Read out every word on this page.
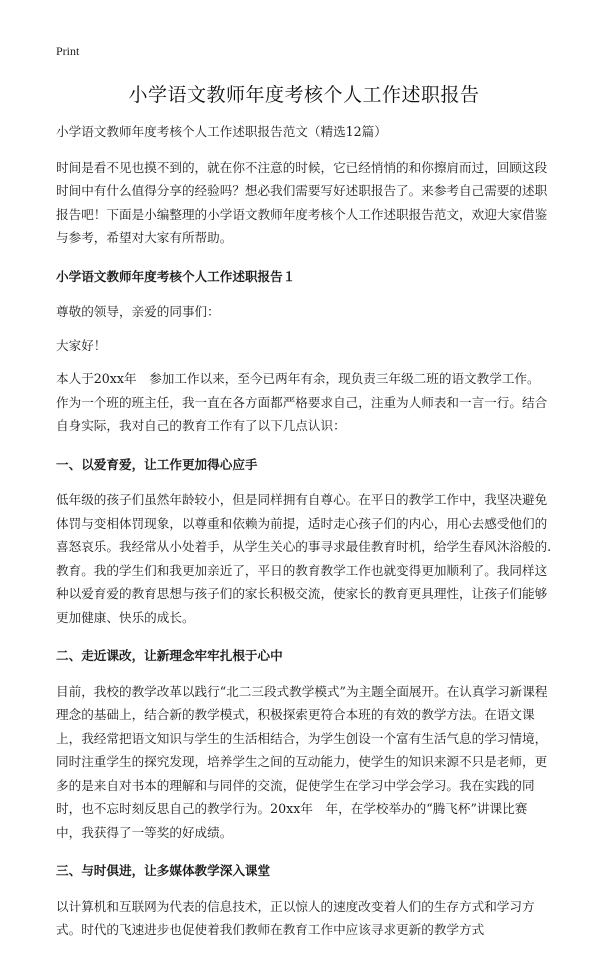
Print
小学语文教师年度考核个人工作述职报告

小学语文教师年度考核个人工作述职报告范文（精选12篇）

时间是看不见也摸不到的，就在你不注意的时候，它已经悄悄的和你擦肩而过，回顾这段时间中有什么值得分享的经验吗？想必我们需要写好述职报告了。来参考自己需要的述职报告吧！下面是小编整理的小学语文教师年度考核个人工作述职报告范文，欢迎大家借鉴与参考，希望对大家有所帮助。

小学语文教师年度考核个人工作述职报告１

尊敬的领导，亲爱的同事们：

大家好！

本人于20xx年　参加工作以来，至今已两年有余，现负责三年级二班的语文教学工作。作为一个班的班主任，我一直在各方面都严格要求自己，注重为人师表和一言一行。结合自身实际，我对自己的教育工作有了以下几点认识：

一、以爱育爱，让工作更加得心应手

低年级的孩子们虽然年龄较小，但是同样拥有自尊心。在平日的教学工作中，我坚决避免体罚与变相体罚现象，以尊重和依赖为前提，适时走心孩子们的内心，用心去感受他们的喜怒哀乐。我经常从小处着手，从学生关心的事寻求最佳教育时机，给学生春风沐浴般的.教育。我的学生们和我更加亲近了，平日的教育教学工作也就变得更加顺利了。我同样这种以爱育爱的教育思想与孩子们的家长积极交流，使家长的教育更具理性，让孩子们能够更加健康、快乐的成长。

二、走近课改，让新理念牢牢扎根于心中

目前，我校的教学改革以践行“北二三段式教学模式”为主题全面展开。在认真学习新课程理念的基础上，结合新的教学模式，积极探索更符合本班的有效的教学方法。在语文课上，我经常把语文知识与学生的生活相结合，为学生创设一个富有生活气息的学习情境，同时注重学生的探究发现，培养学生之间的互动能力，使学生的知识来源不只是老师，更多的是来自对书本的理解和与同伴的交流，促使学生在学习中学会学习。我在实践的同时，也不忘时刻反思自己的教学行为。20xx年　年，在学校举办的“腾飞杯”讲课比赛中，我获得了一等奖的好成绩。

三、与时俱进，让多媒体教学深入课堂

以计算机和互联网为代表的信息技术，正以惊人的速度改变着人们的生存方式和学习方式。时代的飞速进步也促使着我们教师在教育工作中应该寻求更新的教学方式
